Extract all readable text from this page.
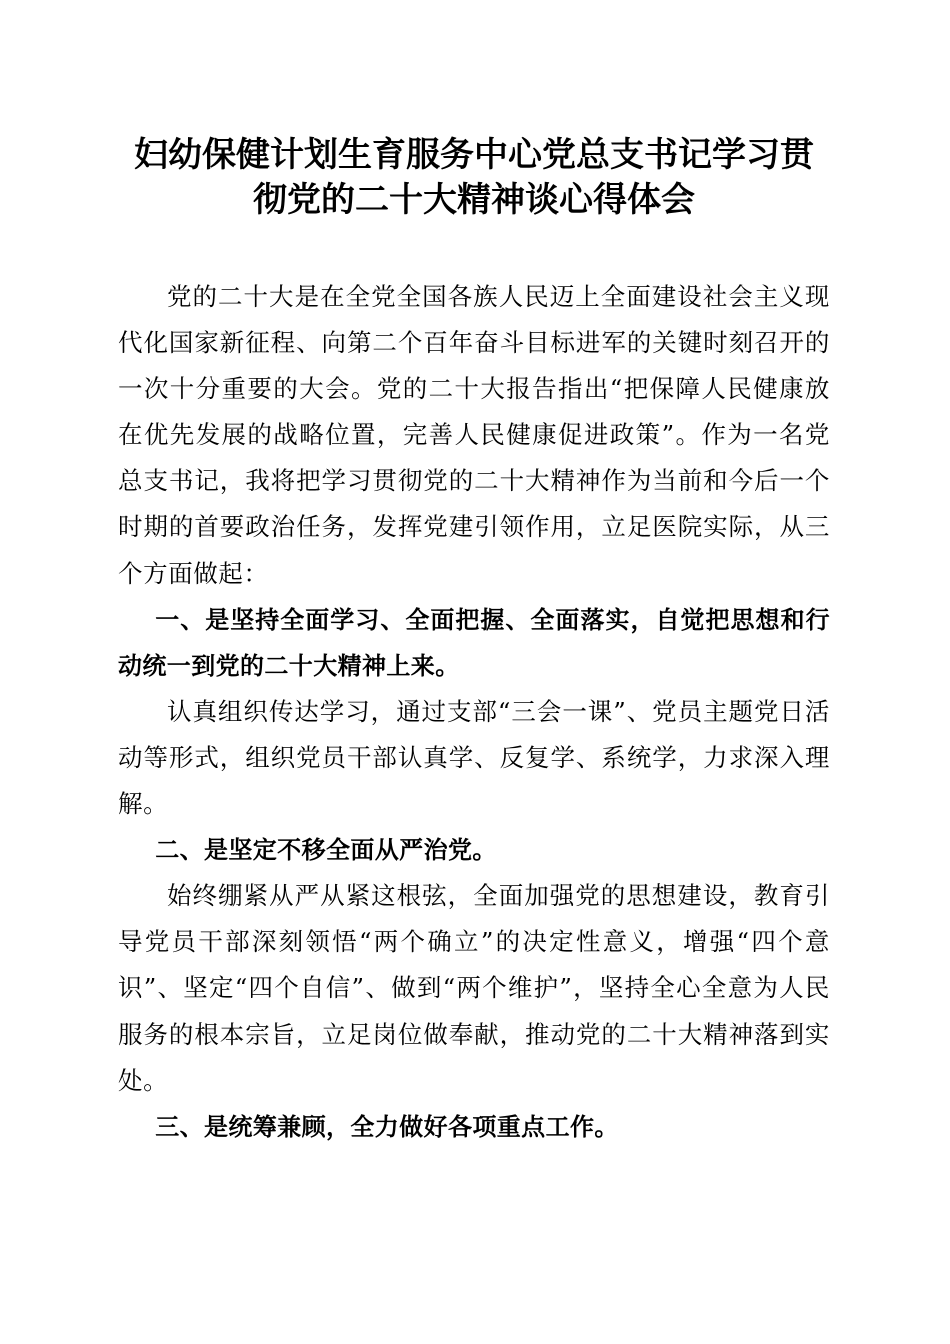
妇幼保健计划生育服务中心党总支书记学习贯彻党的二十大精神谈心得体会

党的二十大是在全党全国各族人民迈上全面建设社会主义现代化国家新征程、向第二个百年奋斗目标进军的关键时刻召开的一次十分重要的大会。党的二十大报告指出“把保障人民健康放在优先发展的战略位置，完善人民健康促进政策”。作为一名党总支书记，我将把学习贯彻党的二十大精神作为当前和今后一个时期的首要政治任务，发挥党建引领作用，立足医院实际，从三个方面做起：

一、是坚持全面学习、全面把握、全面落实，自觉把思想和行动统一到党的二十大精神上来。

认真组织传达学习，通过支部“三会一课”、党员主题党日活动等形式，组织党员干部认真学、反复学、系统学，力求深入理解。

二、是坚定不移全面从严治党。

始终绷紧从严从紧这根弦，全面加强党的思想建设，教育引导党员干部深刻领悟“两个确立”的决定性意义，增强“四个意识”、坚定“四个自信”、做到“两个维护”，坚持全心全意为人民服务的根本宗旨，立足岗位做奉献，推动党的二十大精神落到实处。

三、是统筹兼顾，全力做好各项重点工作。
